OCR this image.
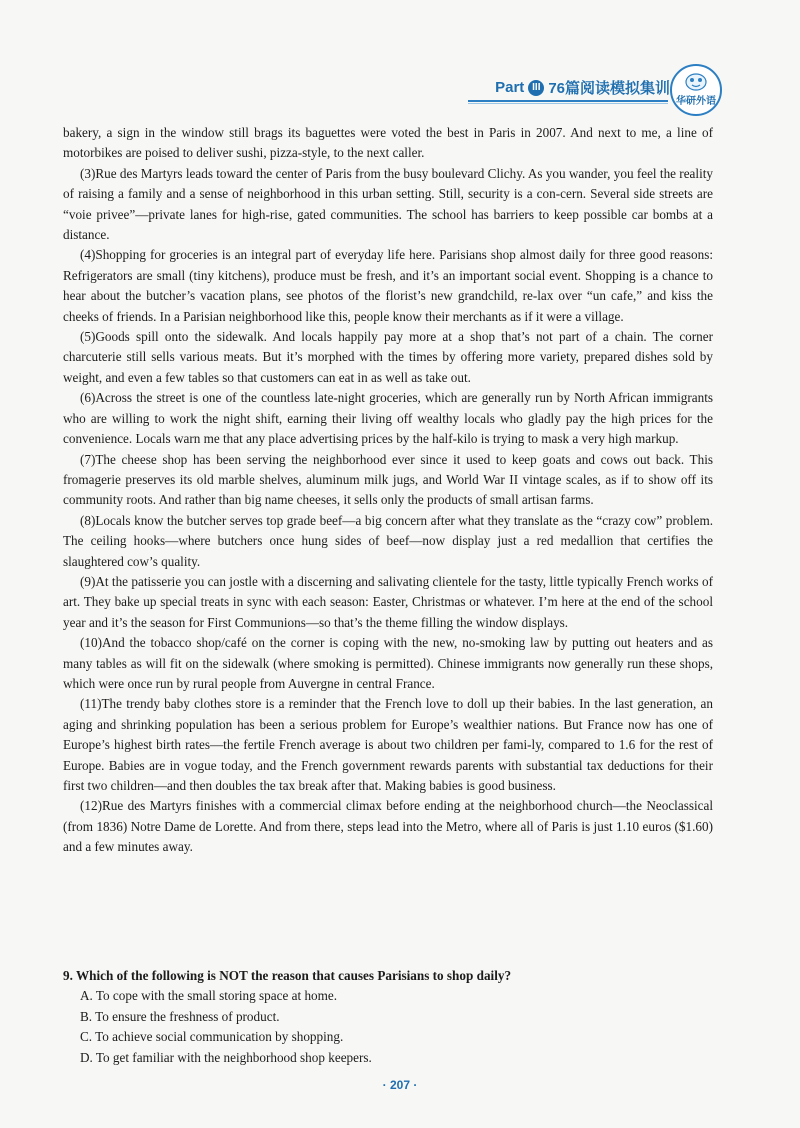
Part III 76篇阅读模拟集训
华研外语

bakery, a sign in the window still brags its baguettes were voted the best in Paris in 2007. And next to me, a line of motorbikes are poised to deliver sushi, pizza-style, to the next caller.

(3)Rue des Martyrs leads toward the center of Paris from the busy boulevard Clichy. As you wander, you feel the reality of raising a family and a sense of neighborhood in this urban setting. Still, security is a con-cern. Several side streets are “voie privee”—private lanes for high-rise, gated communities. The school has barriers to keep possible car bombs at a distance.

(4)Shopping for groceries is an integral part of everyday life here. Parisians shop almost daily for three good reasons: Refrigerators are small (tiny kitchens), produce must be fresh, and it’s an important social event. Shopping is a chance to hear about the butcher’s vacation plans, see photos of the florist’s new grandchild, re-lax over “un cafe,” and kiss the cheeks of friends. In a Parisian neighborhood like this, people know their merchants as if it were a village.

(5)Goods spill onto the sidewalk. And locals happily pay more at a shop that’s not part of a chain. The corner charcuterie still sells various meats. But it’s morphed with the times by offering more variety, prepared dishes sold by weight, and even a few tables so that customers can eat in as well as take out.

(6)Across the street is one of the countless late-night groceries, which are generally run by North African immigrants who are willing to work the night shift, earning their living off wealthy locals who gladly pay the high prices for the convenience. Locals warn me that any place advertising prices by the half-kilo is trying to mask a very high markup.

(7)The cheese shop has been serving the neighborhood ever since it used to keep goats and cows out back. This fromagerie preserves its old marble shelves, aluminum milk jugs, and World War II vintage scales, as if to show off its community roots. And rather than big name cheeses, it sells only the products of small artisan farms.

(8)Locals know the butcher serves top grade beef—a big concern after what they translate as the “crazy cow” problem. The ceiling hooks—where butchers once hung sides of beef—now display just a red medallion that certifies the slaughtered cow’s quality.

(9)At the patisserie you can jostle with a discerning and salivating clientele for the tasty, little typically French works of art. They bake up special treats in sync with each season: Easter, Christmas or whatever. I’m here at the end of the school year and it’s the season for First Communions—so that’s the theme filling the window displays.

(10)And the tobacco shop/café on the corner is coping with the new, no-smoking law by putting out heaters and as many tables as will fit on the sidewalk (where smoking is permitted). Chinese immigrants now generally run these shops, which were once run by rural people from Auvergne in central France.

(11)The trendy baby clothes store is a reminder that the French love to doll up their babies. In the last generation, an aging and shrinking population has been a serious problem for Europe’s wealthier nations. But France now has one of Europe’s highest birth rates—the fertile French average is about two children per fami-ly, compared to 1.6 for the rest of Europe. Babies are in vogue today, and the French government rewards parents with substantial tax deductions for their first two children—and then doubles the tax break after that. Making babies is good business.

(12)Rue des Martyrs finishes with a commercial climax before ending at the neighborhood church—the Neoclassical (from 1836) Notre Dame de Lorette. And from there, steps lead into the Metro, where all of Paris is just 1.10 euros ($1.60) and a few minutes away.

9. Which of the following is NOT the reason that causes Parisians to shop daily?

A. To cope with the small storing space at home.

B. To ensure the freshness of product.

C. To achieve social communication by shopping.

D. To get familiar with the neighborhood shop keepers.

· 207 ·
